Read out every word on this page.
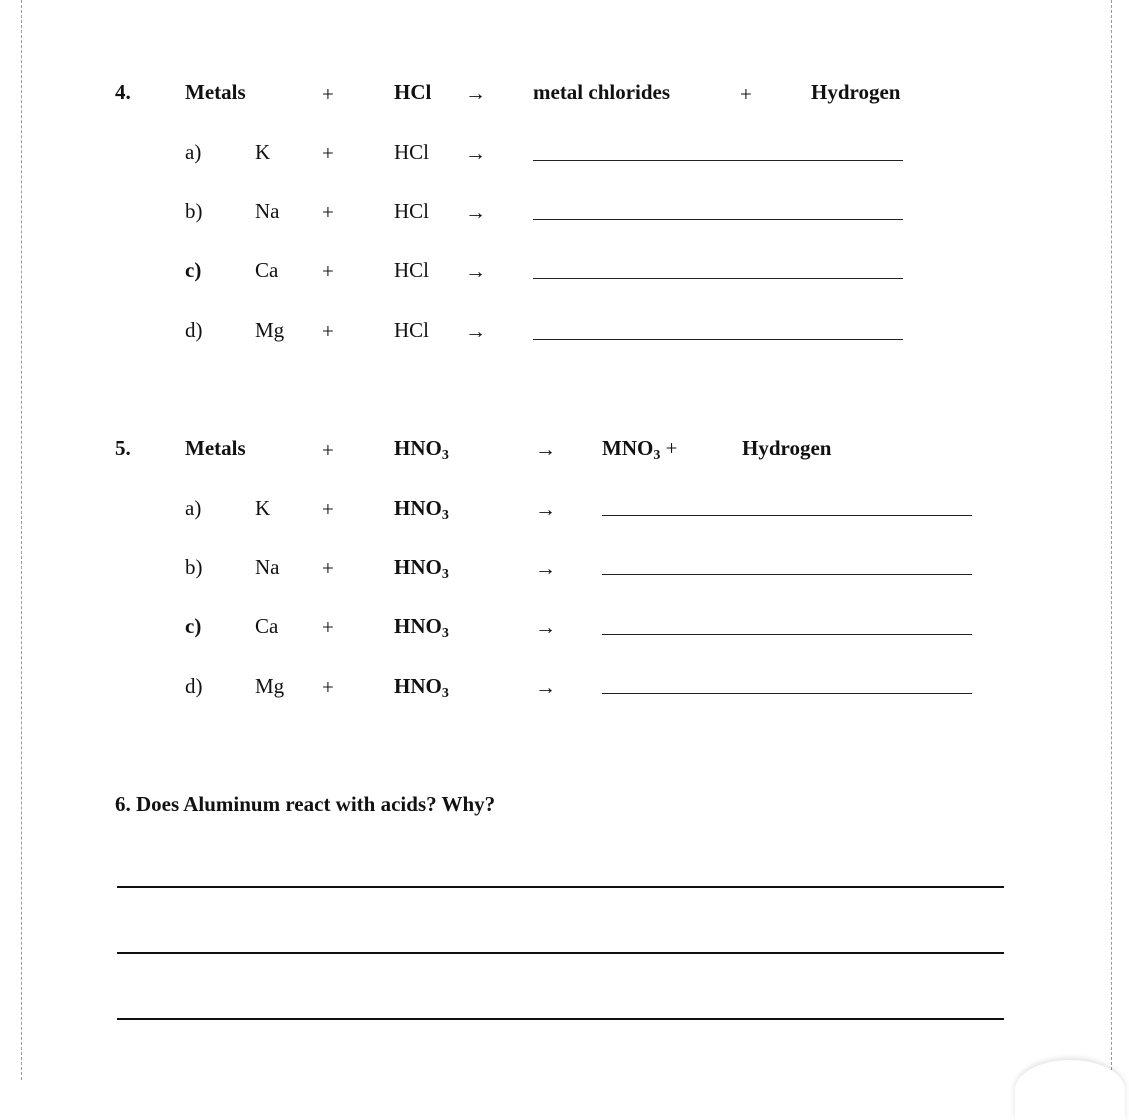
4.	Metals	+	HCl → metal chlorides	+	Hydrogen
a)	K +	HCl →
b)	Na +	HCl →
c)	Ca +	HCl →
d)	Mg +	HCl →
5.	Metals	+	HNO3	→ MNO3 +	Hydrogen
a)	K +	HNO3	→
b)	Na +	HNO3	→
c)	Ca +	HNO3	→
d)	Mg +	HNO3	→
6. Does Aluminum react with acids? Why?
